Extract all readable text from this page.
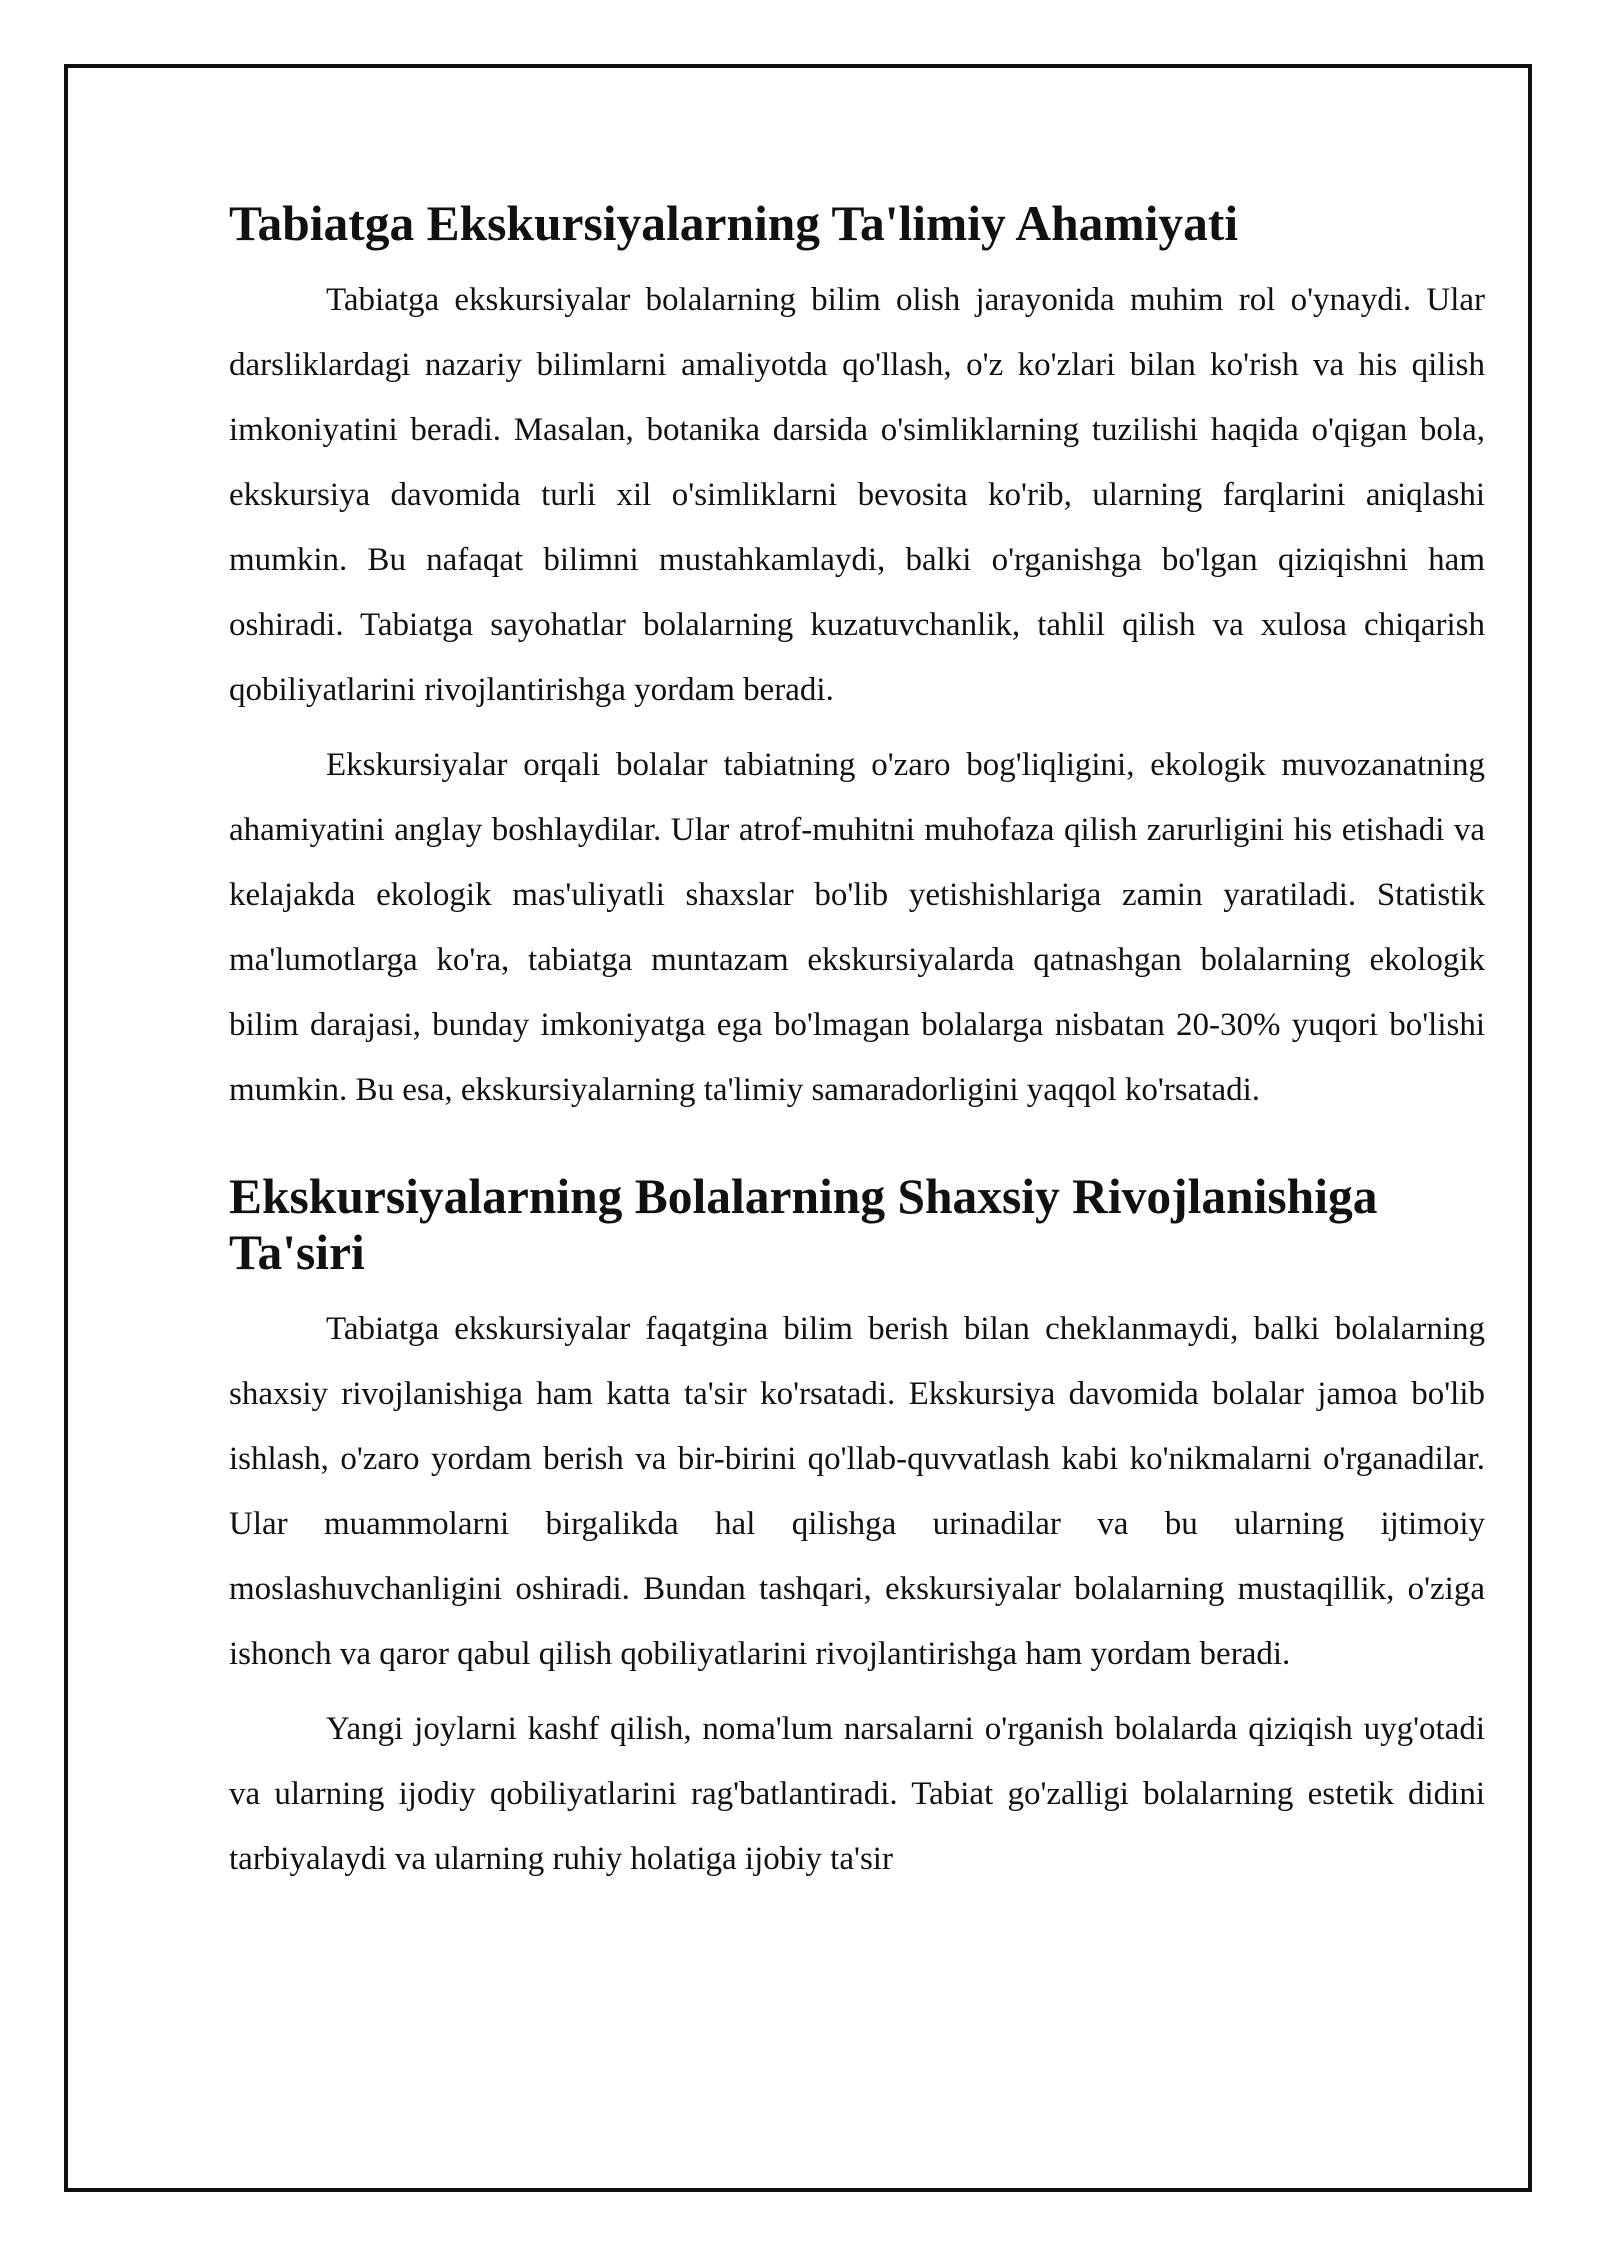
Tabiatga Ekskursiyalarning Ta'limiy Ahamiyati

Tabiatga ekskursiyalar bolalarning bilim olish jarayonida muhim rol o'ynaydi. Ular darsliklardagi nazariy bilimlarni amaliyotda qo'llash, o'z ko'zlari bilan ko'rish va his qilish imkoniyatini beradi. Masalan, botanika darsida o'simliklarning tuzilishi haqida o'qigan bola, ekskursiya davomida turli xil o'simliklarni bevosita ko'rib, ularning farqlarini aniqlashi mumkin. Bu nafaqat bilimni mustahkamlaydi, balki o'rganishga bo'lgan qiziqishni ham oshiradi. Tabiatga sayohatlar bolalarning kuzatuvchanlik, tahlil qilish va xulosa chiqarish qobiliyatlarini rivojlantirishga yordam beradi.

Ekskursiyalar orqali bolalar tabiatning o'zaro bog'liqligini, ekologik muvozanatning ahamiyatini anglay boshlaydilar. Ular atrof-muhitni muhofaza qilish zarurligini his etishadi va kelajakda ekologik mas'uliyatli shaxslar bo'lib yetishishlariga zamin yaratiladi. Statistik ma'lumotlarga ko'ra, tabiatga muntazam ekskursiyalarda qatnashgan bolalarning ekologik bilim darajasi, bunday imkoniyatga ega bo'lmagan bolalarga nisbatan 20-30% yuqori bo'lishi mumkin. Bu esa, ekskursiyalarning ta'limiy samaradorligini yaqqol ko'rsatadi.

Ekskursiyalarning Bolalarning Shaxsiy Rivojlanishiga Ta'siri

Tabiatga ekskursiyalar faqatgina bilim berish bilan cheklanmaydi, balki bolalarning shaxsiy rivojlanishiga ham katta ta'sir ko'rsatadi. Ekskursiya davomida bolalar jamoa bo'lib ishlash, o'zaro yordam berish va bir-birini qo'llab-quvvatlash kabi ko'nikmalarni o'rganadilar. Ular muammolarni birgalikda hal qilishga urinadilar va bu ularning ijtimoiy moslashuvchanligini oshiradi. Bundan tashqari, ekskursiyalar bolalarning mustaqillik, o'ziga ishonch va qaror qabul qilish qobiliyatlarini rivojlantirishga ham yordam beradi.

Yangi joylarni kashf qilish, noma'lum narsalarni o'rganish bolalarda qiziqish uyg'otadi va ularning ijodiy qobiliyatlarini rag'batlantiradi. Tabiat go'zalligi bolalarning estetik didini tarbiyalaydi va ularning ruhiy holatiga ijobiy ta'sir
